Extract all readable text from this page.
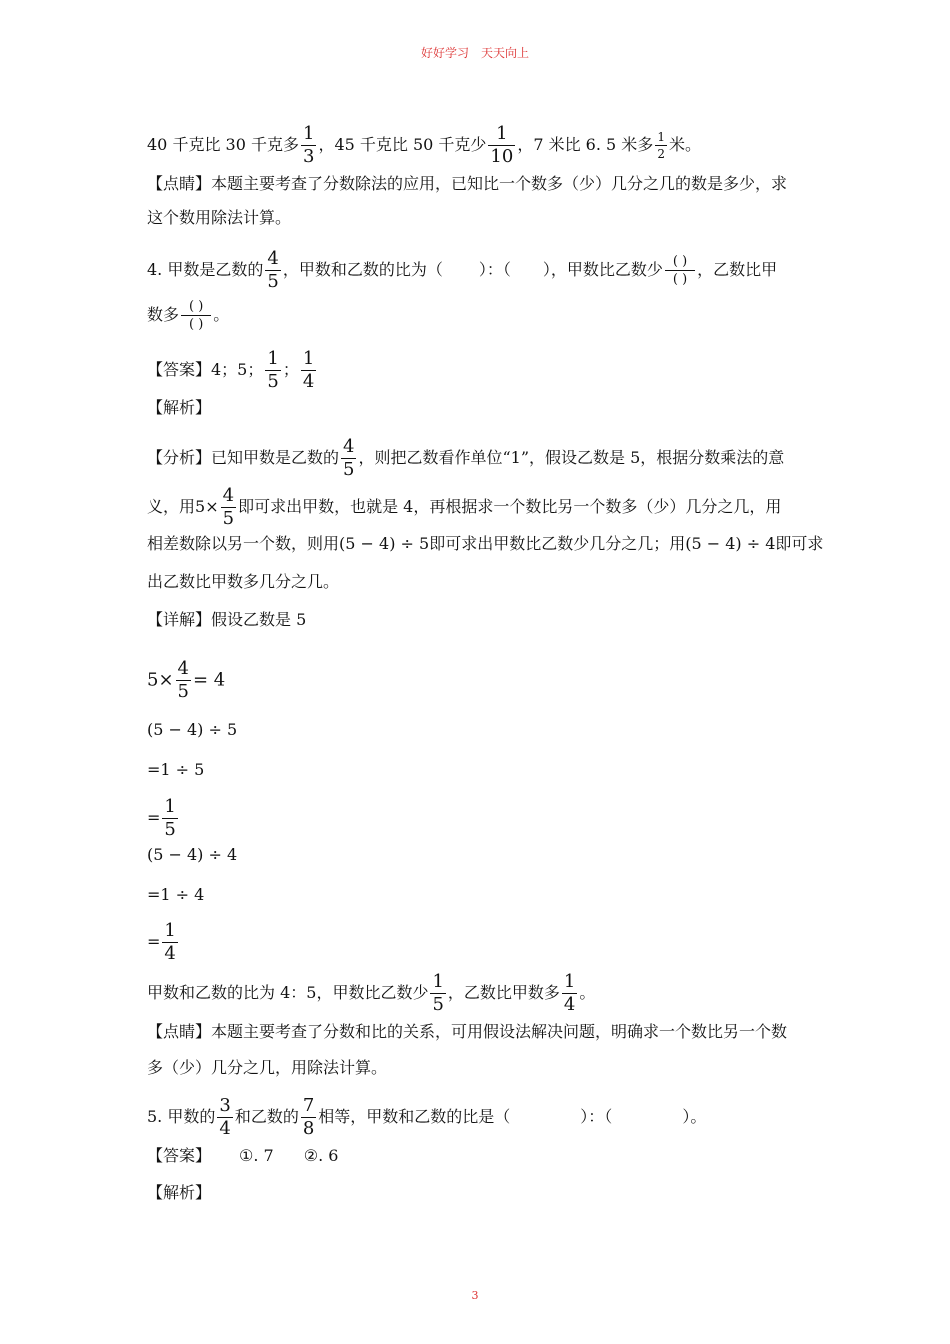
好好学习　天天向上
40 千克比 30 千克多 $\frac{1}{3}$ ，45 千克比 50 千克少 $\frac{1}{10}$ ，7 米比 6. 5 米多 $\frac{1}{2}$ 米。
【点睛】本题主要考查了分数除法的应用，已知比一个数多（少）几分之几的数是多少，求
这个数用除法计算。
4. 甲数是乙数的 $\frac{4}{5}$ ，甲数和乙数的比为（ ）：（ ），甲数比乙数少 $\frac{( )}{( )}$ ，乙数比甲
数多 $\frac{( )}{( )}$ 。
【答案】4；5； $\frac{1}{5}$ ； $\frac{1}{4}$
【解析】
【分析】已知甲数是乙数的 $\frac{4}{5}$ ，则把乙数看作单位“1”，假设乙数是 5，根据分数乘法的意
义，用$5\times \frac{4}{5}$ 即可求出甲数，也就是 4，再根据求一个数比另一个数多（少）几分之几，用
相差数除以另一个数，则用(5 − 4) ÷ 5即可求出甲数比乙数少几分之几；用(5 − 4) ÷ 4即可求
出乙数比甲数多几分之几。
【详解】假设乙数是 5
$5\times \frac{4}{5} = 4$
(5 − 4) ÷ 5
=1 ÷ 5
= $\frac{1}{5}$
(5 − 4) ÷ 4
=1 ÷ 4
= $\frac{1}{4}$
甲数和乙数的比为 4：5，甲数比乙数少 $\frac{1}{5}$ ，乙数比甲数多 $\frac{1}{4}$ 。
【点睛】本题主要考查了分数和比的关系，可用假设法解决问题，明确求一个数比另一个数
多（少）几分之几，用除法计算。
5. 甲数的 $\frac{3}{4}$ 和乙数的 $\frac{7}{8}$ 相等，甲数和乙数的比是（	）：（	）。
【答案】 ①. 7 ②. 6
【解析】
3
